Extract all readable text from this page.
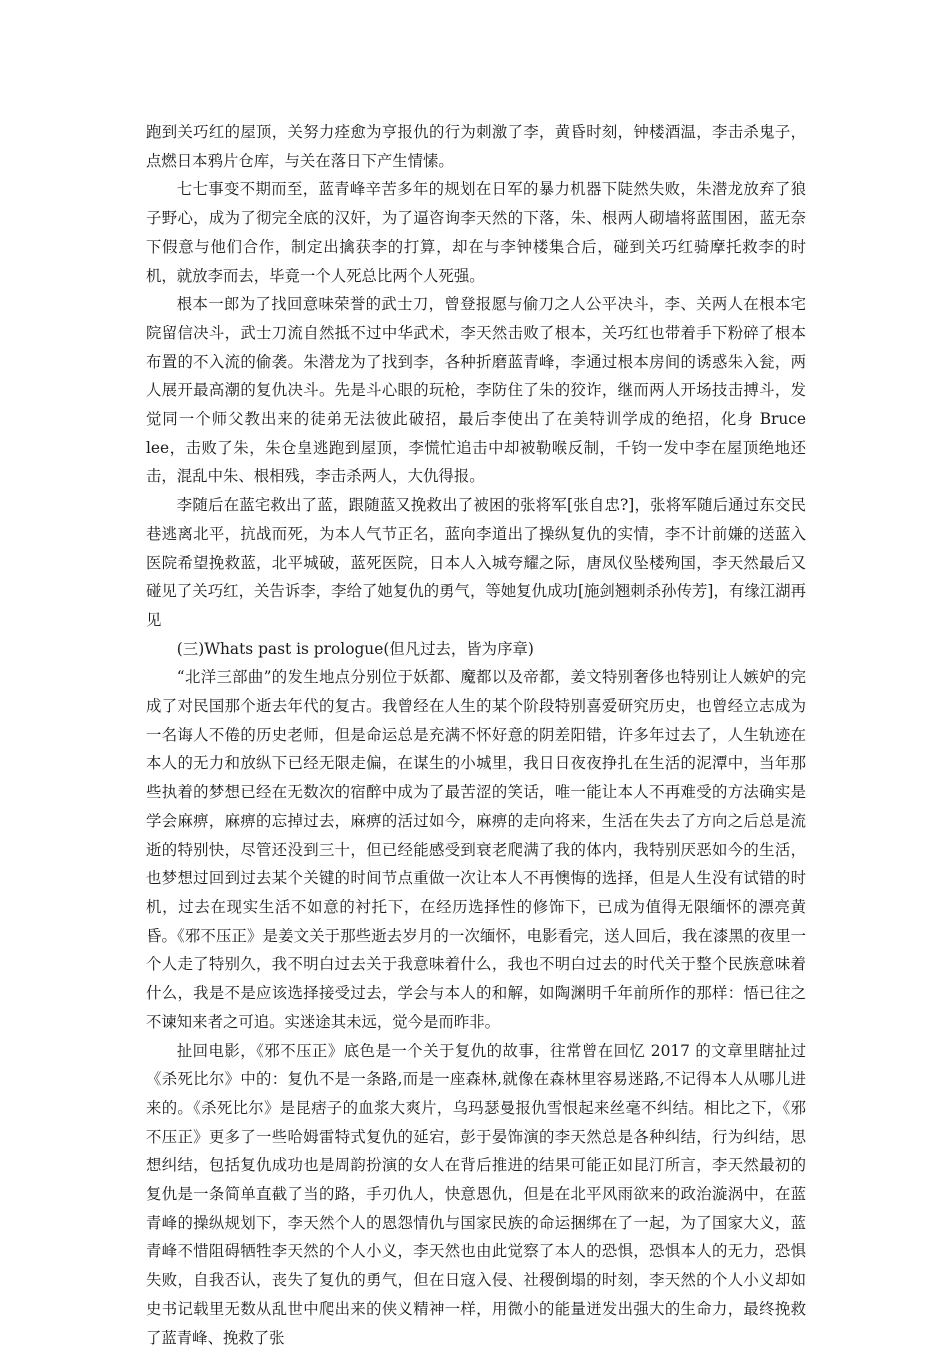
跑到关巧红的屋顶，关努力痊愈为亨报仇的行为刺激了李，黄昏时刻，钟楼酒温，李击杀鬼子，点燃日本鸦片仓库，与关在落日下产生情愫。

七七事变不期而至，蓝青峰辛苦多年的规划在日军的暴力机器下陡然失败，朱潜龙放弃了狼子野心，成为了彻完全底的汉奸，为了逼咨询李天然的下落，朱、根两人砌墙将蓝围困，蓝无奈下假意与他们合作，制定出擒获李的打算，却在与李钟楼集合后，碰到关巧红骑摩托救李的时机，就放李而去，毕竟一个人死总比两个人死强。

根本一郎为了找回意味荣誉的武士刀，曾登报愿与偷刀之人公平决斗，李、关两人在根本宅院留信决斗，武士刀流自然抵不过中华武术，李天然击败了根本，关巧红也带着手下粉碎了根本布置的不入流的偷袭。朱潜龙为了找到李，各种折磨蓝青峰，李通过根本房间的诱惑朱入瓮，两人展开最高潮的复仇决斗。先是斗心眼的玩枪，李防住了朱的狡诈，继而两人开场技击搏斗，发觉同一个师父教出来的徒弟无法彼此破招，最后李使出了在美特训学成的绝招，化身 Bruce lee，击败了朱，朱仓皇逃跑到屋顶，李慌忙追击中却被勒喉反制，千钧一发中李在屋顶绝地还击，混乱中朱、根相残，李击杀两人，大仇得报。

李随后在蓝宅救出了蓝，跟随蓝又挽救出了被困的张将军[张自忠?]，张将军随后通过东交民巷逃离北平，抗战而死，为本人气节正名，蓝向李道出了操纵复仇的实情，李不计前嫌的送蓝入医院希望挽救蓝，北平城破，蓝死医院，日本人入城夸耀之际，唐凤仪坠楼殉国，李天然最后又碰见了关巧红，关告诉李，李给了她复仇的勇气，等她复仇成功[施剑翘刺杀孙传芳]，有缘江湖再见

(三)Whats past is prologue(但凡过去，皆为序章)

“北洋三部曲”的发生地点分别位于妖都、魔都以及帝都，姜文特别奢侈也特别让人嫉妒的完成了对民国那个逝去年代的复古。我曾经在人生的某个阶段特别喜爱研究历史，也曾经立志成为一名诲人不倦的历史老师，但是命运总是充满不怀好意的阴差阳错，许多年过去了，人生轨迹在本人的无力和放纵下已经无限走偏，在谋生的小城里，我日日夜夜挣扎在生活的泥潭中，当年那些执着的梦想已经在无数次的宿醉中成为了最苦涩的笑话，唯一能让本人不再难受的方法确实是学会麻痹，麻痹的忘掉过去，麻痹的活过如今，麻痹的走向将来，生活在失去了方向之后总是流逝的特别快，尽管还没到三十，但已经能感受到衰老爬满了我的体内，我特别厌恶如今的生活，也梦想过回到过去某个关键的时间节点重做一次让本人不再懊悔的选择，但是人生没有试错的时机，过去在现实生活不如意的衬托下，在经历选择性的修饰下，已成为值得无限缅怀的漂亮黄昏。《邪不压正》是姜文关于那些逝去岁月的一次缅怀，电影看完，送人回后，我在漆黑的夜里一个人走了特别久，我不明白过去关于我意味着什么，我也不明白过去的时代关于整个民族意味着什么，我是不是应该选择接受过去，学会与本人的和解，如陶渊明千年前所作的那样：悟已往之不谏知来者之可追。实迷途其未远，觉今是而昨非。

扯回电影，《邪不压正》底色是一个关于复仇的故事，往常曾在回忆 2017 的文章里瞎扯过《杀死比尔》中的：复仇不是一条路,而是一座森林,就像在森林里容易迷路,不记得本人从哪儿进来的。《杀死比尔》是昆痞子的血浆大爽片，乌玛瑟曼报仇雪恨起来丝毫不纠结。相比之下，《邪不压正》更多了一些哈姆雷特式复仇的延宕，彭于晏饰演的李天然总是各种纠结，行为纠结，思想纠结，包括复仇成功也是周韵扮演的女人在背后推进的结果可能正如昆汀所言，李天然最初的复仇是一条简单直截了当的路，手刃仇人，快意恩仇，但是在北平风雨欲来的政治漩涡中，在蓝青峰的操纵规划下，李天然个人的恩怨情仇与国家民族的命运捆绑在了一起，为了国家大义，蓝青峰不惜阻碍牺牲李天然的个人小义，李天然也由此觉察了本人的恐惧，恐惧本人的无力，恐惧失败，自我否认，丧失了复仇的勇气，但在日寇入侵、社稷倒塌的时刻，李天然的个人小义却如史书记载里无数从乱世中爬出来的侠义精神一样，用微小的能量迸发出强大的生命力，最终挽救了蓝青峰、挽救了张
